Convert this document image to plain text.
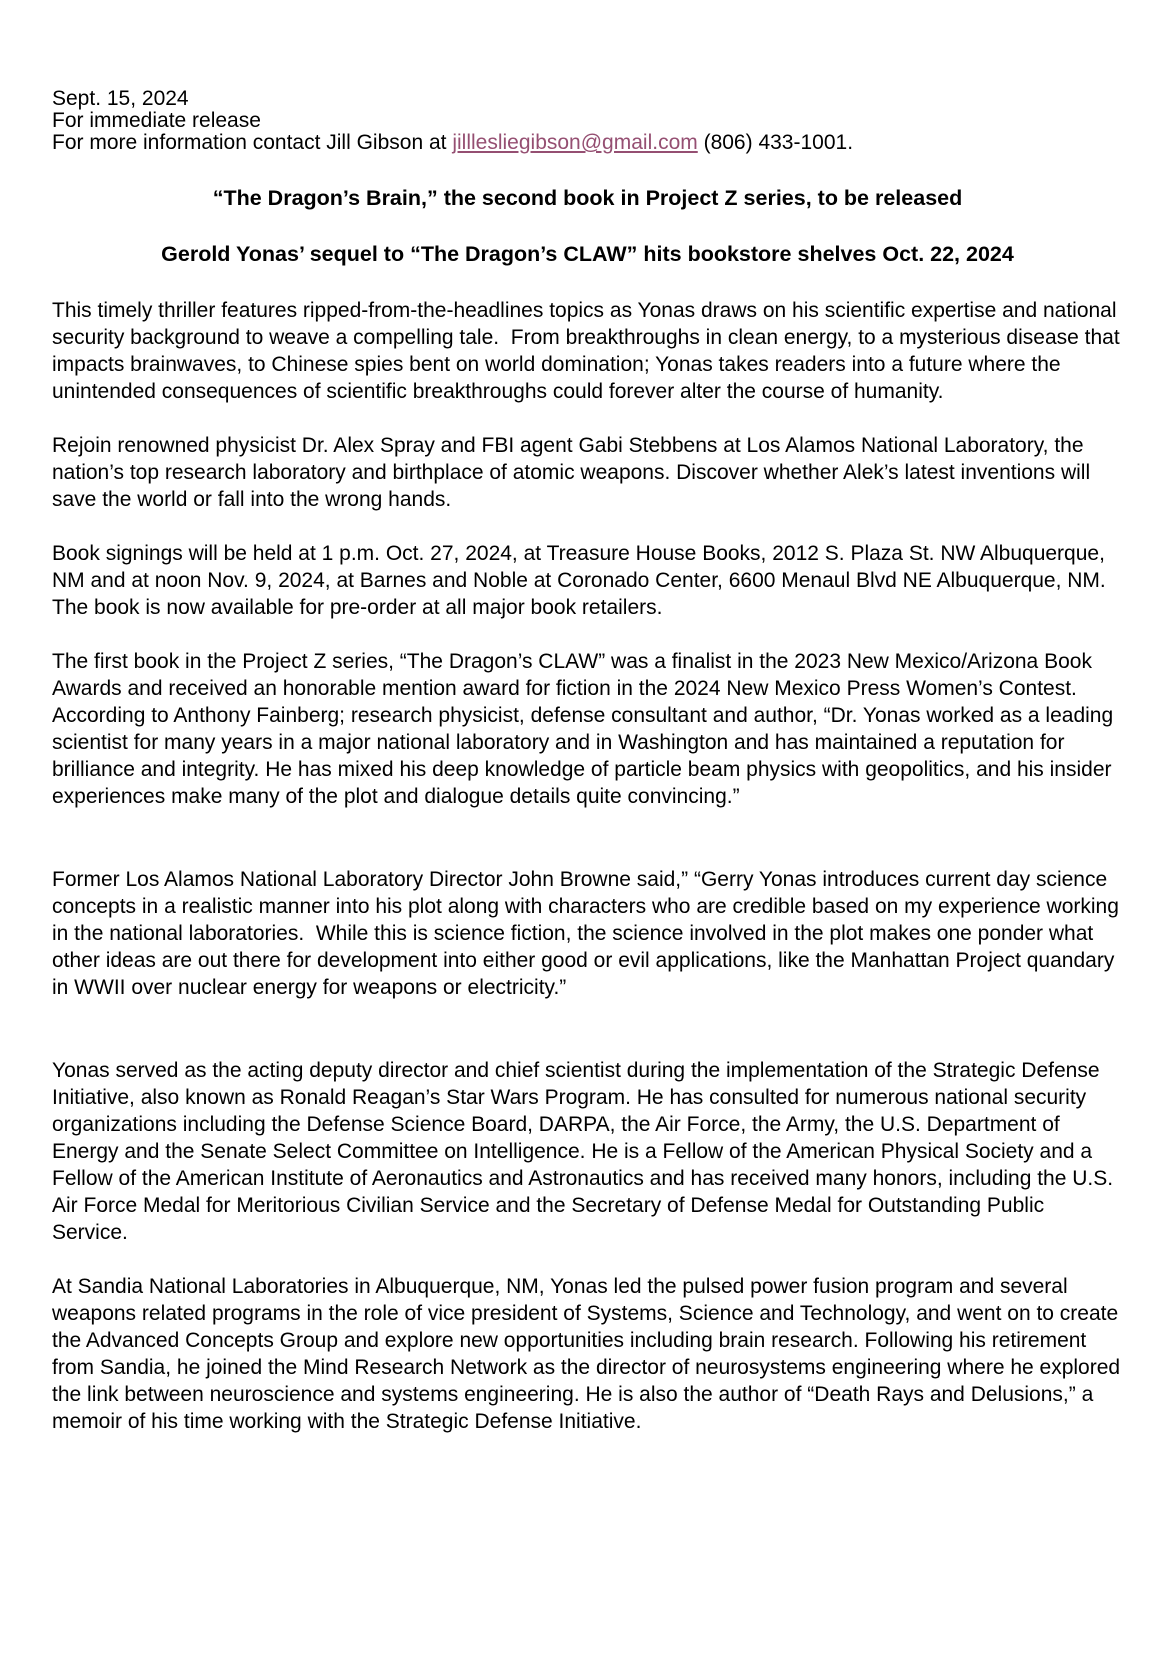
Sept. 15, 2024
For immediate release
For more information contact Jill Gibson at jilllesliegibson@gmail.com (806) 433-1001.
“The Dragon’s Brain,” the second book in Project Z series, to be released
Gerold Yonas’ sequel to “The Dragon’s CLAW” hits bookstore shelves Oct. 22, 2024
This timely thriller features ripped-from-the-headlines topics as Yonas draws on his scientific expertise and national security background to weave a compelling tale.  From breakthroughs in clean energy, to a mysterious disease that impacts brainwaves, to Chinese spies bent on world domination; Yonas takes readers into a future where the unintended consequences of scientific breakthroughs could forever alter the course of humanity.
Rejoin renowned physicist Dr. Alex Spray and FBI agent Gabi Stebbens at Los Alamos National Laboratory, the nation’s top research laboratory and birthplace of atomic weapons. Discover whether Alek’s latest inventions will save the world or fall into the wrong hands.
Book signings will be held at 1 p.m. Oct. 27, 2024, at Treasure House Books, 2012 S. Plaza St. NW Albuquerque, NM and at noon Nov. 9, 2024, at Barnes and Noble at Coronado Center, 6600 Menaul Blvd NE Albuquerque, NM. The book is now available for pre-order at all major book retailers.
The first book in the Project Z series, “The Dragon’s CLAW” was a finalist in the 2023 New Mexico/Arizona Book Awards and received an honorable mention award for fiction in the 2024 New Mexico Press Women’s Contest. According to Anthony Fainberg; research physicist, defense consultant and author, “Dr. Yonas worked as a leading scientist for many years in a major national laboratory and in Washington and has maintained a reputation for brilliance and integrity. He has mixed his deep knowledge of particle beam physics with geopolitics, and his insider experiences make many of the plot and dialogue details quite convincing.”
Former Los Alamos National Laboratory Director John Browne said,” “Gerry Yonas introduces current day science concepts in a realistic manner into his plot along with characters who are credible based on my experience working in the national laboratories.  While this is science fiction, the science involved in the plot makes one ponder what other ideas are out there for development into either good or evil applications, like the Manhattan Project quandary in WWII over nuclear energy for weapons or electricity.”
Yonas served as the acting deputy director and chief scientist during the implementation of the Strategic Defense Initiative, also known as Ronald Reagan’s Star Wars Program. He has consulted for numerous national security organizations including the Defense Science Board, DARPA, the Air Force, the Army, the U.S. Department of Energy and the Senate Select Committee on Intelligence. He is a Fellow of the American Physical Society and a Fellow of the American Institute of Aeronautics and Astronautics and has received many honors, including the U.S. Air Force Medal for Meritorious Civilian Service and the Secretary of Defense Medal for Outstanding Public Service.
At Sandia National Laboratories in Albuquerque, NM, Yonas led the pulsed power fusion program and several weapons related programs in the role of vice president of Systems, Science and Technology, and went on to create the Advanced Concepts Group and explore new opportunities including brain research. Following his retirement from Sandia, he joined the Mind Research Network as the director of neurosystems engineering where he explored the link between neuroscience and systems engineering. He is also the author of “Death Rays and Delusions,” a memoir of his time working with the Strategic Defense Initiative.
